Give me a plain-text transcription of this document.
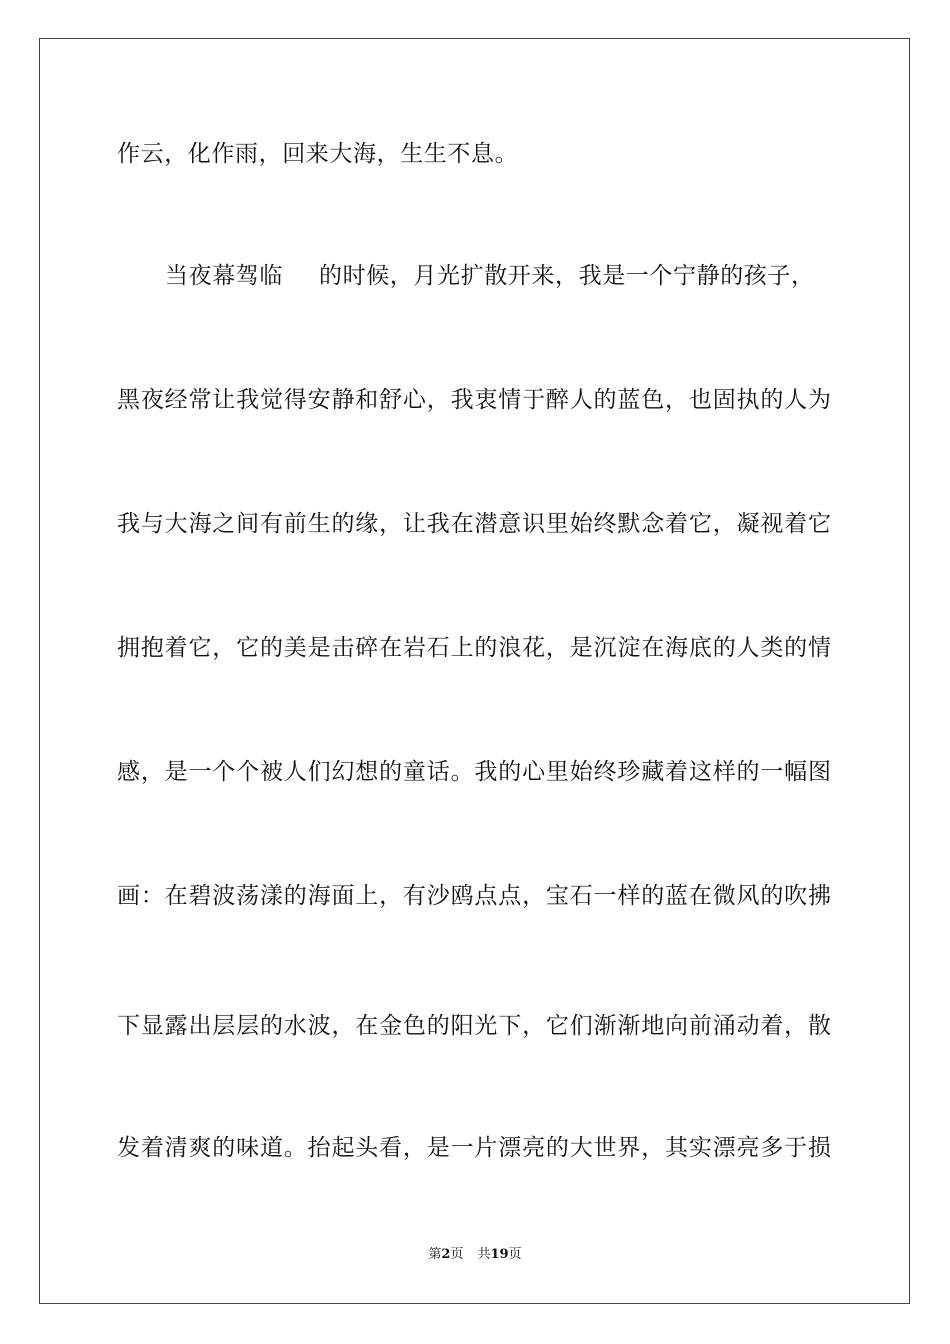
作云，化作雨，回来大海，生生不息。
当夜幕驾临 的时候，月光扩散开来，我是一个宁静的孩子，
黑夜经常让我觉得安静和舒心，我衷情于醉人的蓝色，也固执的人为
我与大海之间有前生的缘，让我在潜意识里始终默念着它，凝视着它
拥抱着它，它的美是击碎在岩石上的浪花，是沉淀在海底的人类的情
感，是一个个被人们幻想的童话。我的心里始终珍藏着这样的一幅图
画：在碧波荡漾的海面上，有沙鸥点点，宝石一样的蓝在微风的吹拂
下显露出层层的水波，在金色的阳光下，它们渐渐地向前涌动着，散
发着清爽的味道。抬起头看，是一片漂亮的大世界，其实漂亮多于损
第2页 共19页
